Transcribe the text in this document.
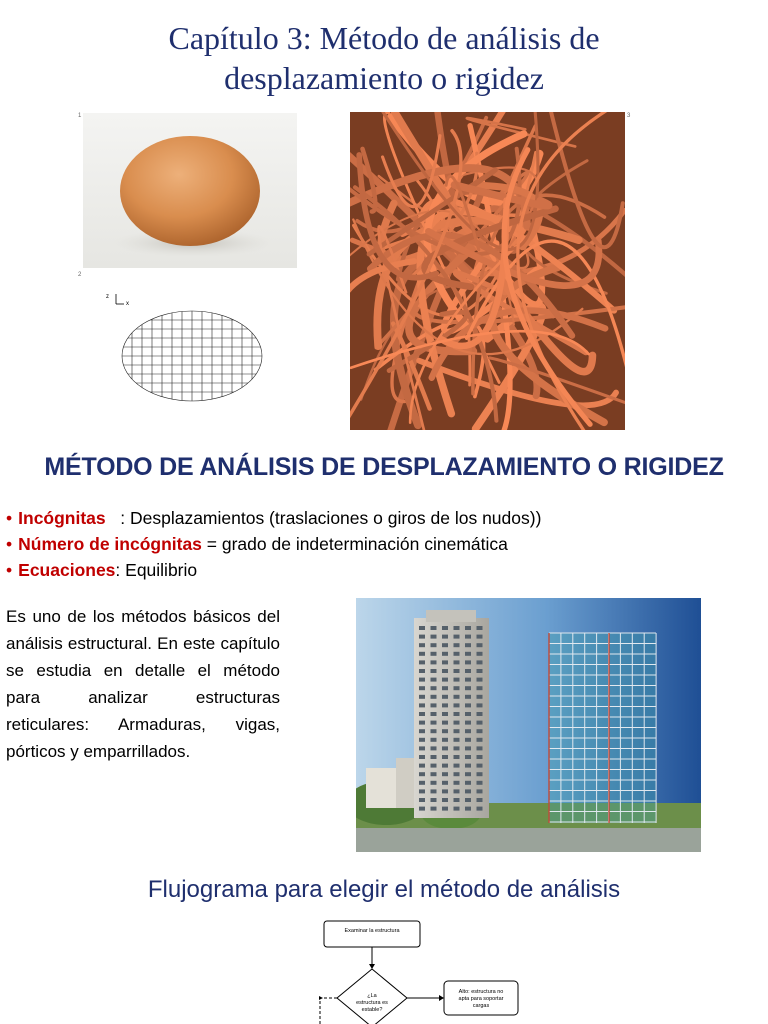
Capítulo 3: Método de análisis de
desplazamiento o rigidez
1
2
3
z
x
MÉTODO DE ANÁLISIS DE DESPLAZAMIENTO O RIGIDEZ
• Incógnitas   : Desplazamientos (traslaciones o giros de los nudos))
• Número de incógnitas = grado de indeterminación cinemática
• Ecuaciones: Equilibrio
Es uno de los métodos básicos del análisis estructural. En este capítulo se estudia en detalle el método para analizar estructuras reticulares: Armaduras, vigas, pórticos y emparrillados.
Flujograma para elegir el método de análisis
Examinar la estructura
¿La
estructura es
estable?
Alto: estructura no
apta para soportar
cargas
